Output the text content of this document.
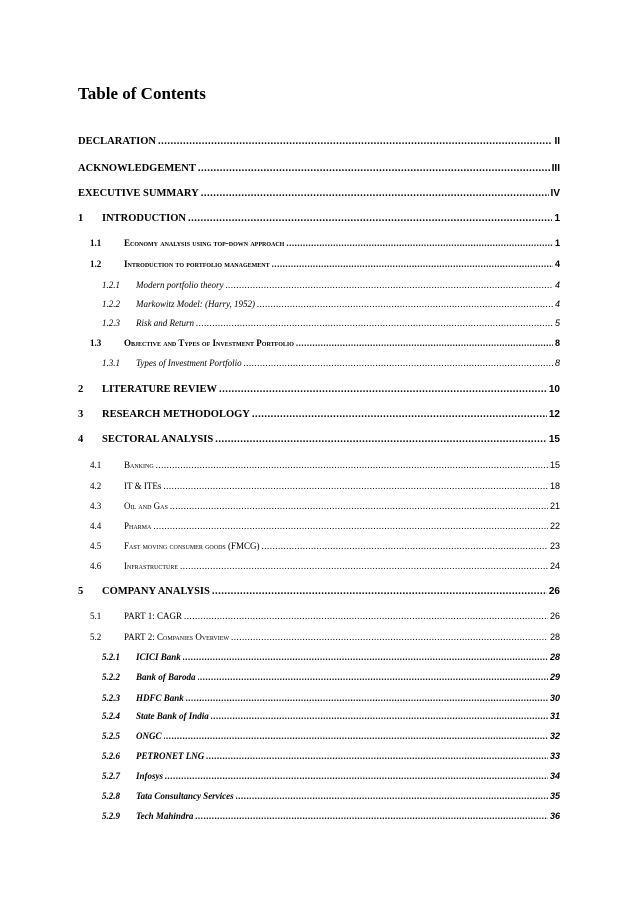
Table of Contents
DECLARATION .....	II
ACKNOWLEDGEMENT .....	III
EXECUTIVE SUMMARY .....	IV
1	INTRODUCTION .....	1
1.1	Economy analysis using top-down approach .....	1
1.2	Introduction to portfolio management .....	4
1.2.1	Modern portfolio theory .....	4
1.2.2	Markowitz Model: (Harry, 1952) .....	4
1.2.3	Risk and Return .....	5
1.3	Objective and Types of Investment Portfolio .....	8
1.3.1	Types of Investment Portfolio .....	8
2	LITERATURE REVIEW .....	10
3	RESEARCH METHODOLOGY .....	12
4	SECTORAL ANALYSIS .....	15
4.1	Banking .....	15
4.2	IT & ITEs .....	18
4.3	Oil and Gas .....	21
4.4	Pharma .....	22
4.5	Fast moving consumer goods (FMCG) .....	23
4.6	Infrastructure .....	24
5	COMPANY ANALYSIS .....	26
5.1	PART 1: CAGR .....	26
5.2	PART 2: Companies Overview .....	28
5.2.1	ICICI Bank .....	28
5.2.2	Bank of Baroda .....	29
5.2.3	HDFC Bank .....	30
5.2.4	State Bank of India .....	31
5.2.5	ONGC .....	32
5.2.6	PETRONET LNG .....	33
5.2.7	Infosys .....	34
5.2.8	Tata Consultancy Services .....	35
5.2.9	Tech Mahindra .....	36
